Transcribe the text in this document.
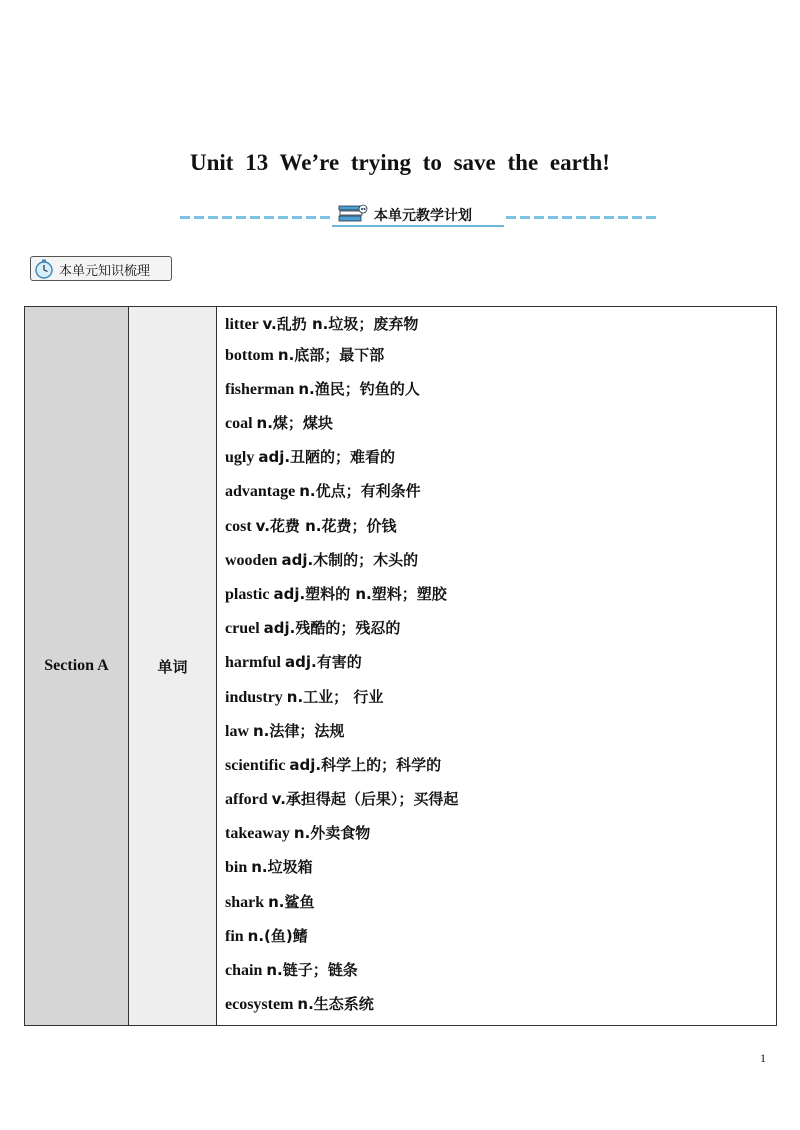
Unit 13 We’re trying to save the earth!
本单元教学计划
本单元知识梳理
Section A	单词	
litter v.乱扔 n.垃圾；废弃物
bottom n.底部；最下部
fisherman n.渔民；钓鱼的人
coal n.煤；煤块
ugly adj.丑陋的；难看的
advantage n.优点；有利条件
cost v.花费 n.花费；价钱
wooden adj.木制的；木头的
plastic adj.塑料的 n.塑料；塑胶
cruel adj.残酷的；残忍的
harmful adj.有害的
industry n.工业； 行业
law n.法律；法规
scientific adj.科学上的；科学的
afford v.承担得起（后果）；买得起
takeaway n.外卖食物
bin n.垃圾箱
shark n.鲨鱼
fin n.(鱼)鳍
chain n.链子；链条
ecosystem n.生态系统
1
